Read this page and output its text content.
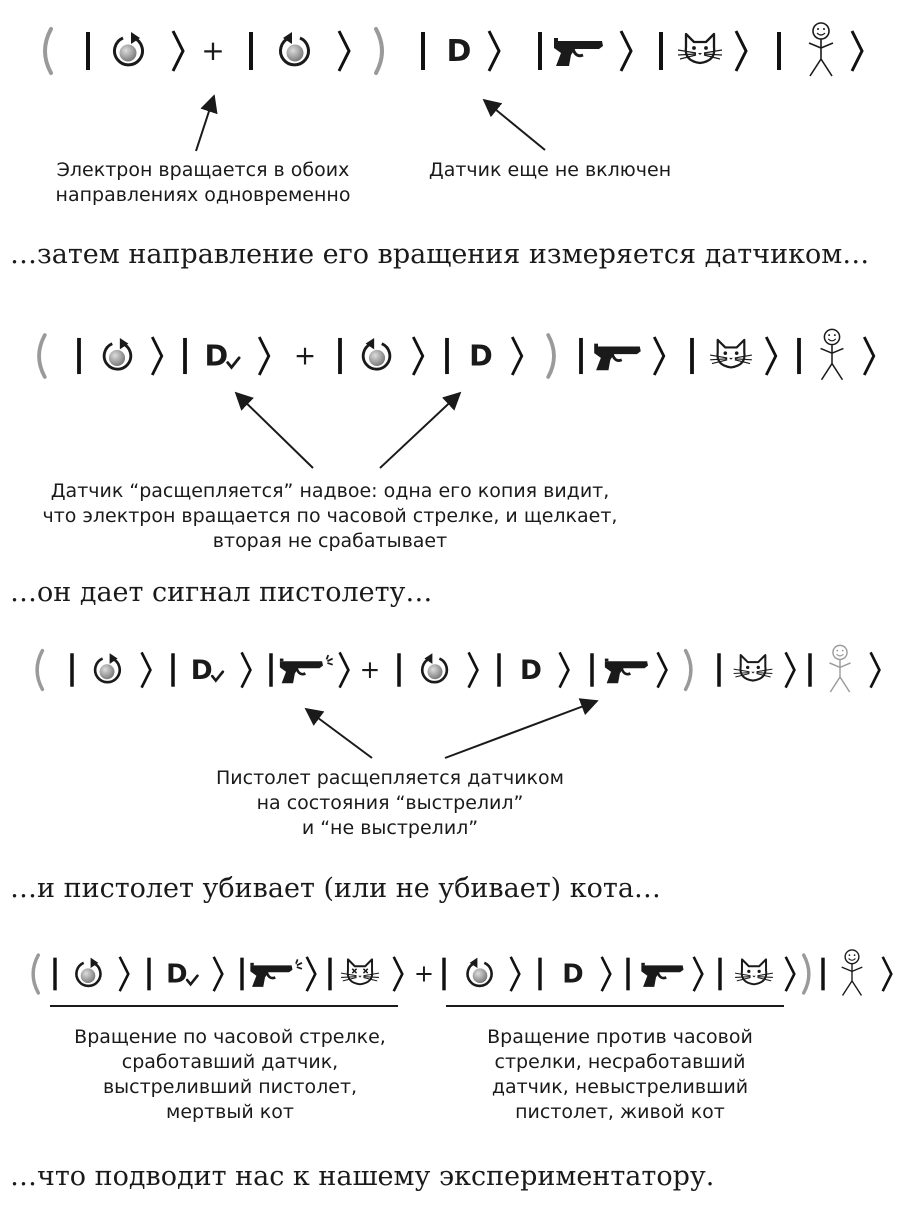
+	D
D +	D
D	+	D
D	+	D
Электрон вращается в обоих
направлениях одновременно
Датчик еще не включен
Датчик “расщепляется” надвое: одна его копия видит,
что электрон вращается по часовой стрелке, и щелкает,
вторая не срабатывает
Пистолет расщепляется датчиком
на состояния “выстрелил”
и “не выстрелил”
Вращение по часовой стрелке,
сработавший датчик,
выстреливший пистолет,
мертвый кот
Вращение против часовой
стрелки, несработавший
датчик, невыстреливший
пистолет, живой кот
…затем направление его вращения измеряется датчиком…
…он дает сигнал пистолету…
…и пистолет убивает (или не убивает) кота…
…что подводит нас к нашему экспериментатору.
